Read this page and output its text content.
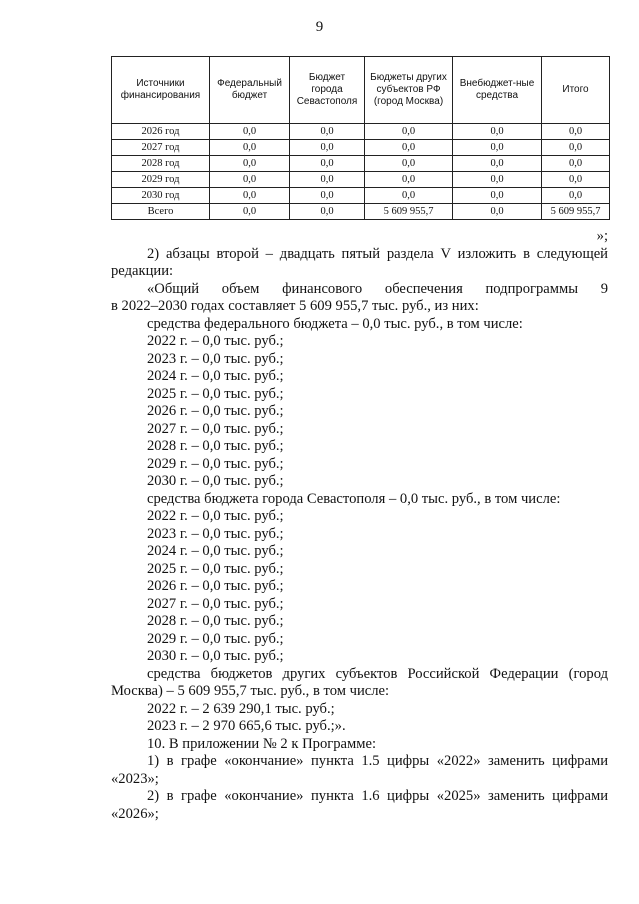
9
Источники финансирования	Федеральный бюджет	Бюджет города Севастополя	Бюджеты других субъектов РФ (город Москва)	Внебюджет-ные средства	Итого
2026 год	0,0	0,0	0,0	0,0	0,0
2027 год	0,0	0,0	0,0	0,0	0,0
2028 год	0,0	0,0	0,0	0,0	0,0
2029 год	0,0	0,0	0,0	0,0	0,0
2030 год	0,0	0,0	0,0	0,0	0,0
Всего	0,0	0,0	5 609 955,7	0,0	5 609 955,7

»;

2) абзацы второй – двадцать пятый раздела V изложить в следующей редакции:

«Общий объем финансового обеспечения подпрограммы 9

в 2022–2030 годах составляет 5 609 955,7 тыс. руб., из них:

средства федерального бюджета – 0,0 тыс. руб., в том числе:

2022 г. – 0,0 тыс. руб.;

2023 г. – 0,0 тыс. руб.;

2024 г. – 0,0 тыс. руб.;

2025 г. – 0,0 тыс. руб.;

2026 г. – 0,0 тыс. руб.;

2027 г. – 0,0 тыс. руб.;

2028 г. – 0,0 тыс. руб.;

2029 г. – 0,0 тыс. руб.;

2030 г. – 0,0 тыс. руб.;

средства бюджета города Севастополя – 0,0 тыс. руб., в том числе:

2022 г. – 0,0 тыс. руб.;

2023 г. – 0,0 тыс. руб.;

2024 г. – 0,0 тыс. руб.;

2025 г. – 0,0 тыс. руб.;

2026 г. – 0,0 тыс. руб.;

2027 г. – 0,0 тыс. руб.;

2028 г. – 0,0 тыс. руб.;

2029 г. – 0,0 тыс. руб.;

2030 г. – 0,0 тыс. руб.;

средства бюджетов других субъектов Российской Федерации (город Москва) – 5 609 955,7 тыс. руб., в том числе:

2022 г. – 2 639 290,1 тыс. руб.;

2023 г. – 2 970 665,6 тыс. руб.;».

10. В приложении № 2 к Программе:

1) в графе «окончание» пункта 1.5 цифры «2022» заменить цифрами «2023»;

2) в графе «окончание» пункта 1.6 цифры «2025» заменить цифрами «2026»;
